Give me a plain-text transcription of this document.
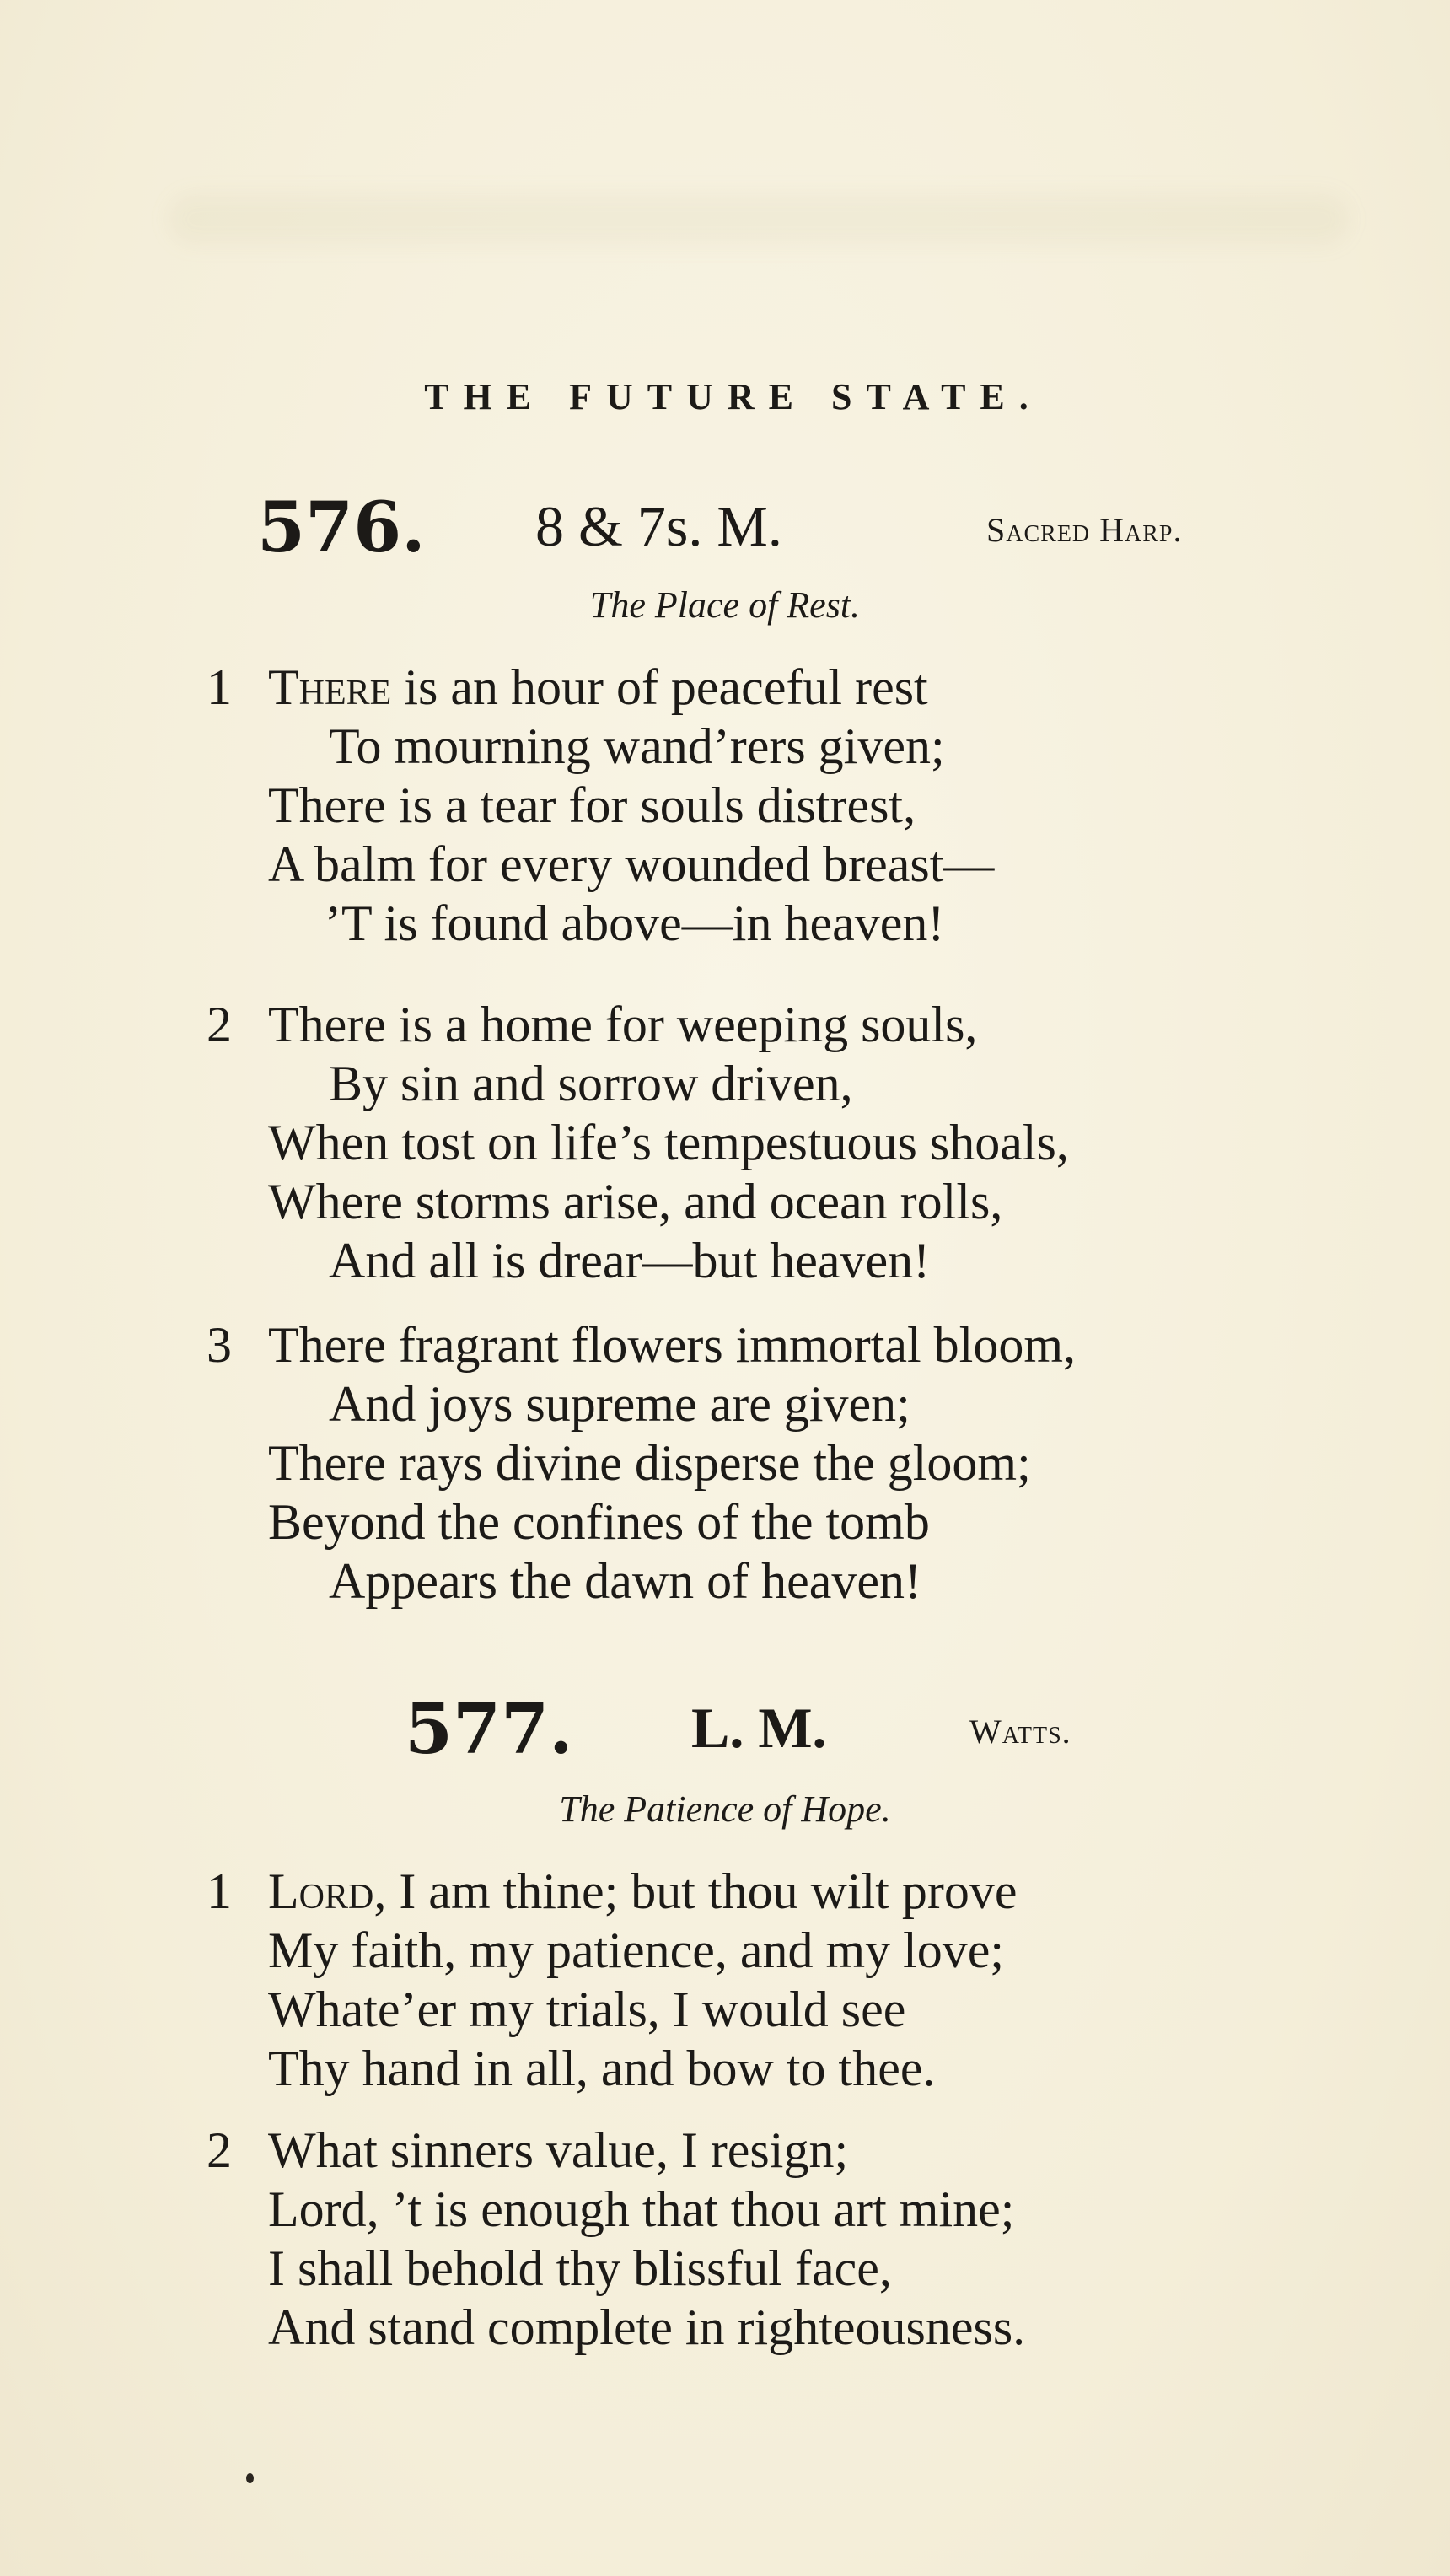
THE FUTURE STATE.
576. 8 & 7s. M.	Sacred Harp.
The Place of Rest.
1 There is an hour of peaceful rest
To mourning wand’rers given;
There is a tear for souls distrest,
A balm for every wounded breast—
’T is found above—in heaven!
2 There is a home for weeping souls,
By sin and sorrow driven,
When tost on life’s tempestuous shoals,
Where storms arise, and ocean rolls,
And all is drear—but heaven!
3 There fragrant flowers immortal bloom,
And joys supreme are given;
There rays divine disperse the gloom;
Beyond the confines of the tomb
Appears the dawn of heaven!
577. L. M.	Watts.
The Patience of Hope.
1 Lord, I am thine; but thou wilt prove
My faith, my patience, and my love;
Whate’er my trials, I would see
Thy hand in all, and bow to thee.
2 What sinners value, I resign;
Lord, ’t is enough that thou art mine;
I shall behold thy blissful face,
And stand complete in righteousness.
